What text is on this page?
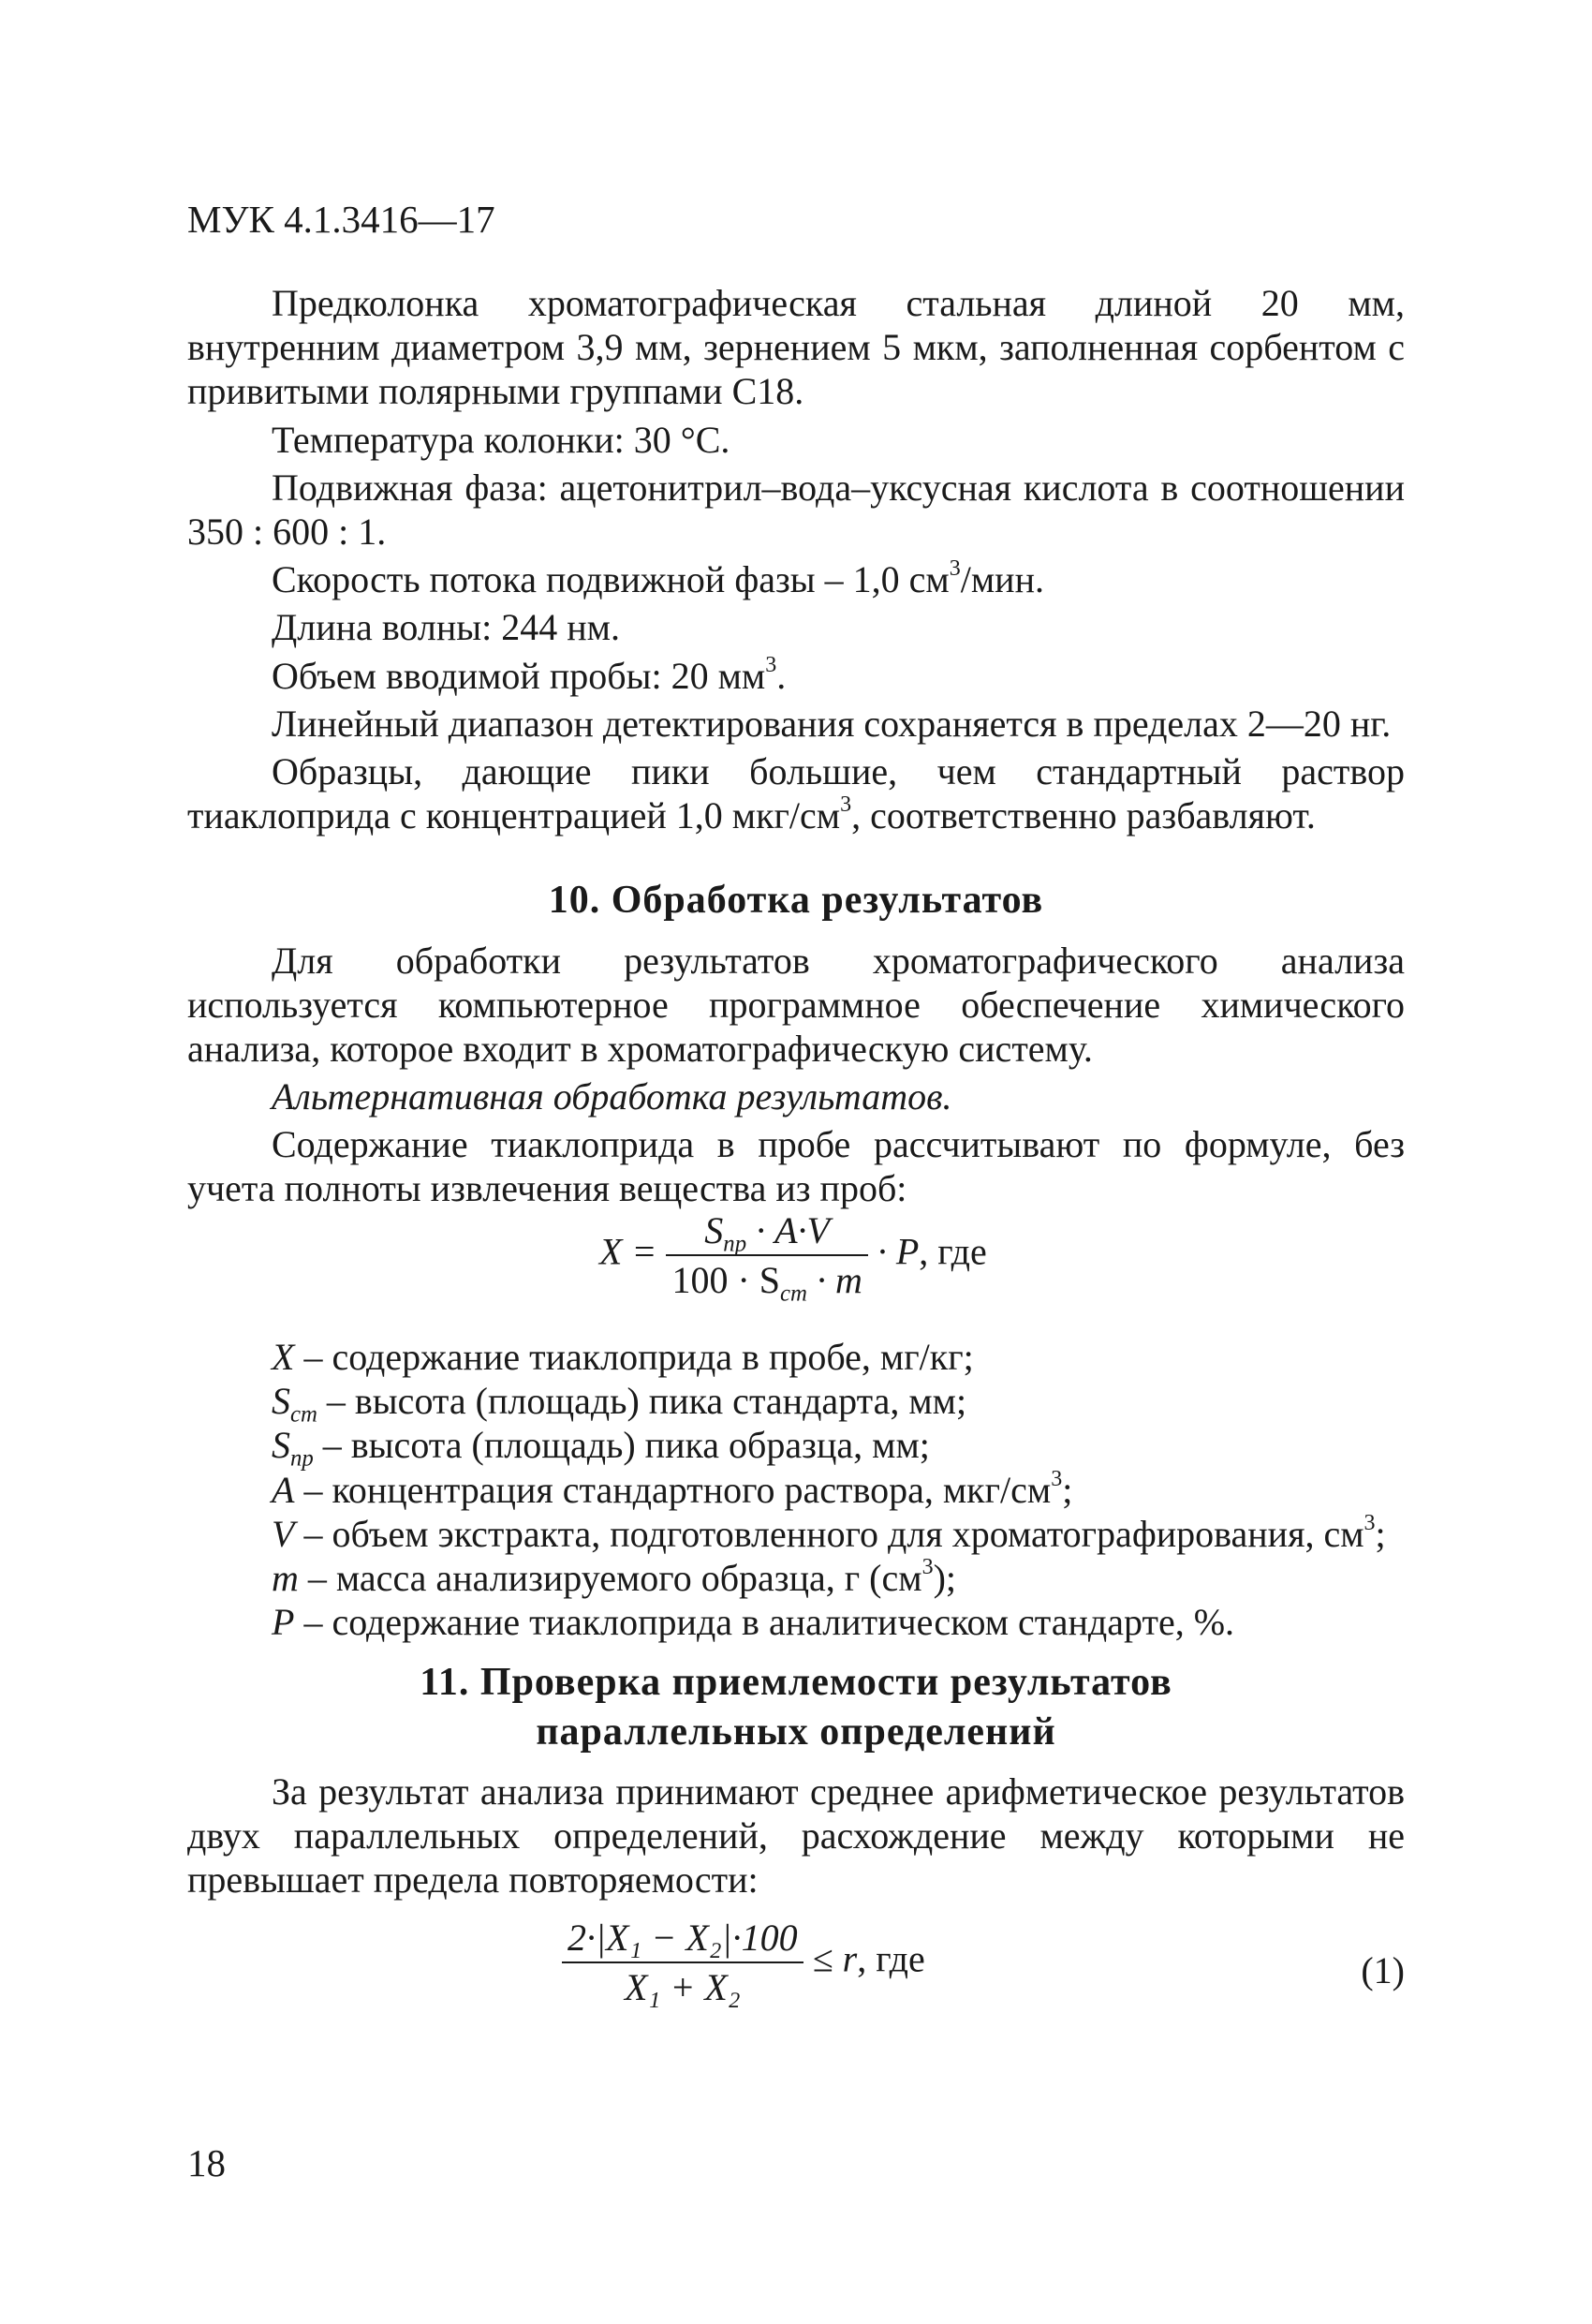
МУК 4.1.3416—17

Предколонка хроматографическая стальная длиной 20 мм, внутренним диаметром 3,9 мм, зернением 5 мкм, заполненная сорбентом с привитыми полярными группами С18.

Температура колонки: 30 °С.

Подвижная фаза: ацетонитрил–вода–уксусная кислота в соотношении 350 : 600 : 1.

Скорость потока подвижной фазы – 1,0 $см^3$/мин.

Длина волны: 244 нм.

Объем вводимой пробы: 20 $мм^3$.

Линейный диапазон детектирования сохраняется в пределах 2—20 нг.

Образцы, дающие пики большие, чем стандартный раствор тиаклоприда с концентрацией 1,0 мкг/$см^3$, соответственно разбавляют.

10. Обработка результатов

Для обработки результатов хроматографического анализа используется компьютерное программное обеспечение химического анализа, которое входит в хроматографическую систему.

Альтернативная обработка результатов.

Содержание тиаклоприда в пробе рассчитывают по формуле, без учета полноты извлечения вещества из проб:

$X = \frac{S_{пр} \cdot A\cdot V}{100 \cdot S_{ст} \cdot m} \cdot P$, где

X – содержание тиаклоприда в пробе, мг/кг;

$S_{ст}$ – высота (площадь) пика стандарта, мм;

$S_{пр}$ – высота (площадь) пика образца, мм;

А – концентрация стандартного раствора, мкг/$см^3$;

V – объем экстракта, подготовленного для хроматографирования, $см^3$;

m – масса анализируемого образца, г $(см^3)$;

Р – содержание тиаклоприда в аналитическом стандарте, %.

11. Проверка приемлемости результатов
параллельных определений

За результат анализа принимают среднее арифметическое результатов двух параллельных определений, расхождение между которыми не превышает предела повторяемости:

$\frac{\text{2·|X₁ − X₂|·100}}{\text{X₁ + X₂}} \le r$, где	(1)
18
